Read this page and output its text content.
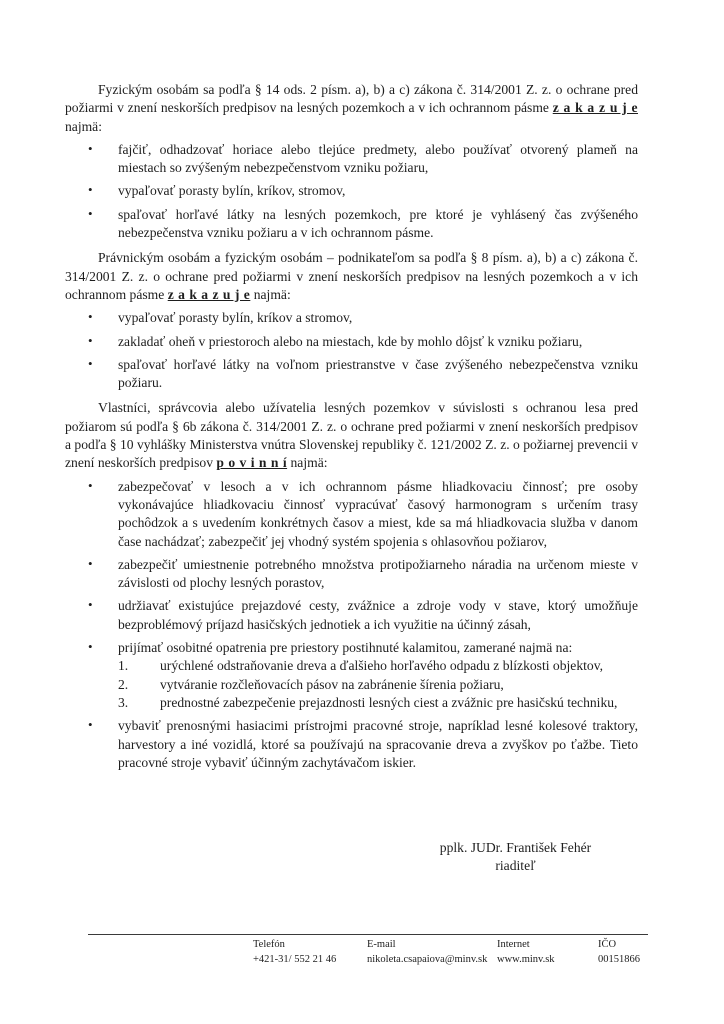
Fyzickým osobám sa podľa § 14 ods. 2 písm. a), b) a c) zákona č. 314/2001 Z. z. o ochrane pred požiarmi v znení neskorších predpisov na lesných pozemkoch a v ich ochrannom pásme z a k a z u j e najmä:

• fajčiť, odhadzovať horiace alebo tlejúce predmety, alebo používať otvorený plameň na miestach so zvýšeným nebezpečenstvom vzniku požiaru,
• vypaľovať porasty bylín, kríkov, stromov,
• spaľovať horľavé látky na lesných pozemkoch, pre ktoré je vyhlásený čas zvýšeného nebezpečenstva vzniku požiaru a v ich ochrannom pásme.

Právnickým osobám a fyzickým osobám – podnikateľom sa podľa § 8 písm. a), b) a c) zákona č. 314/2001 Z. z. o ochrane pred požiarmi v znení neskorších predpisov na lesných pozemkoch a v ich ochrannom pásme z a k a z u j e najmä:

• vypaľovať porasty bylín, kríkov a stromov,
• zakladať oheň v priestoroch alebo na miestach, kde by mohlo dôjsť k vzniku požiaru,
• spaľovať horľavé látky na voľnom priestranstve v čase zvýšeného nebezpečenstva vzniku požiaru.

Vlastníci, správcovia alebo užívatelia lesných pozemkov v súvislosti s ochranou lesa pred požiarom sú podľa § 6b zákona č. 314/2001 Z. z. o ochrane pred požiarmi v znení neskorších predpisov a podľa § 10 vyhlášky Ministerstva vnútra Slovenskej republiky č. 121/2002 Z. z. o požiarnej prevencii v znení neskorších predpisov p o v i n n í najmä:

• zabezpečovať v lesoch a v ich ochrannom pásme hliadkovaciu činnosť; pre osoby vykonávajúce hliadkovaciu činnosť vypracúvať časový harmonogram s určením trasy pochôdzok a s uvedením konkrétnych časov a miest, kde sa má hliadkovacia služba v danom čase nachádzať; zabezpečiť jej vhodný systém spojenia s ohlasovňou požiarov,
• zabezpečiť umiestnenie potrebného množstva protipožiarneho náradia na určenom mieste v závislosti od plochy lesných porastov,
• udržiavať existujúce prejazdové cesty, zvážnice a zdroje vody v stave, ktorý umožňuje bezproblémový príjazd hasičských jednotiek a ich využitie na účinný zásah,
• prijímať osobitné opatrenia pre priestory postihnuté kalamitou, zamerané najmä na:
1. urýchlené odstraňovanie dreva a ďalšieho horľavého odpadu z blízkosti objektov,
2. vytváranie rozčleňovacích pásov na zabránenie šírenia požiaru,
3. prednostné zabezpečenie prejazdnosti lesných ciest a zvážnic pre hasičskú techniku,
• vybaviť prenosnými hasiacimi prístrojmi pracovné stroje, napríklad lesné kolesové traktory, harvestory a iné vozidlá, ktoré sa používajú na spracovanie dreva a zvyškov po ťažbe. Tieto pracovné stroje vybaviť účinným zachytávačom iskier.
pplk. JUDr. František Fehér
riaditeľ
Telefón
+421-31/ 552 21 46
E-mail
nikoleta.csapaiova@minv.sk
Internet
www.minv.sk
IČO
00151866
